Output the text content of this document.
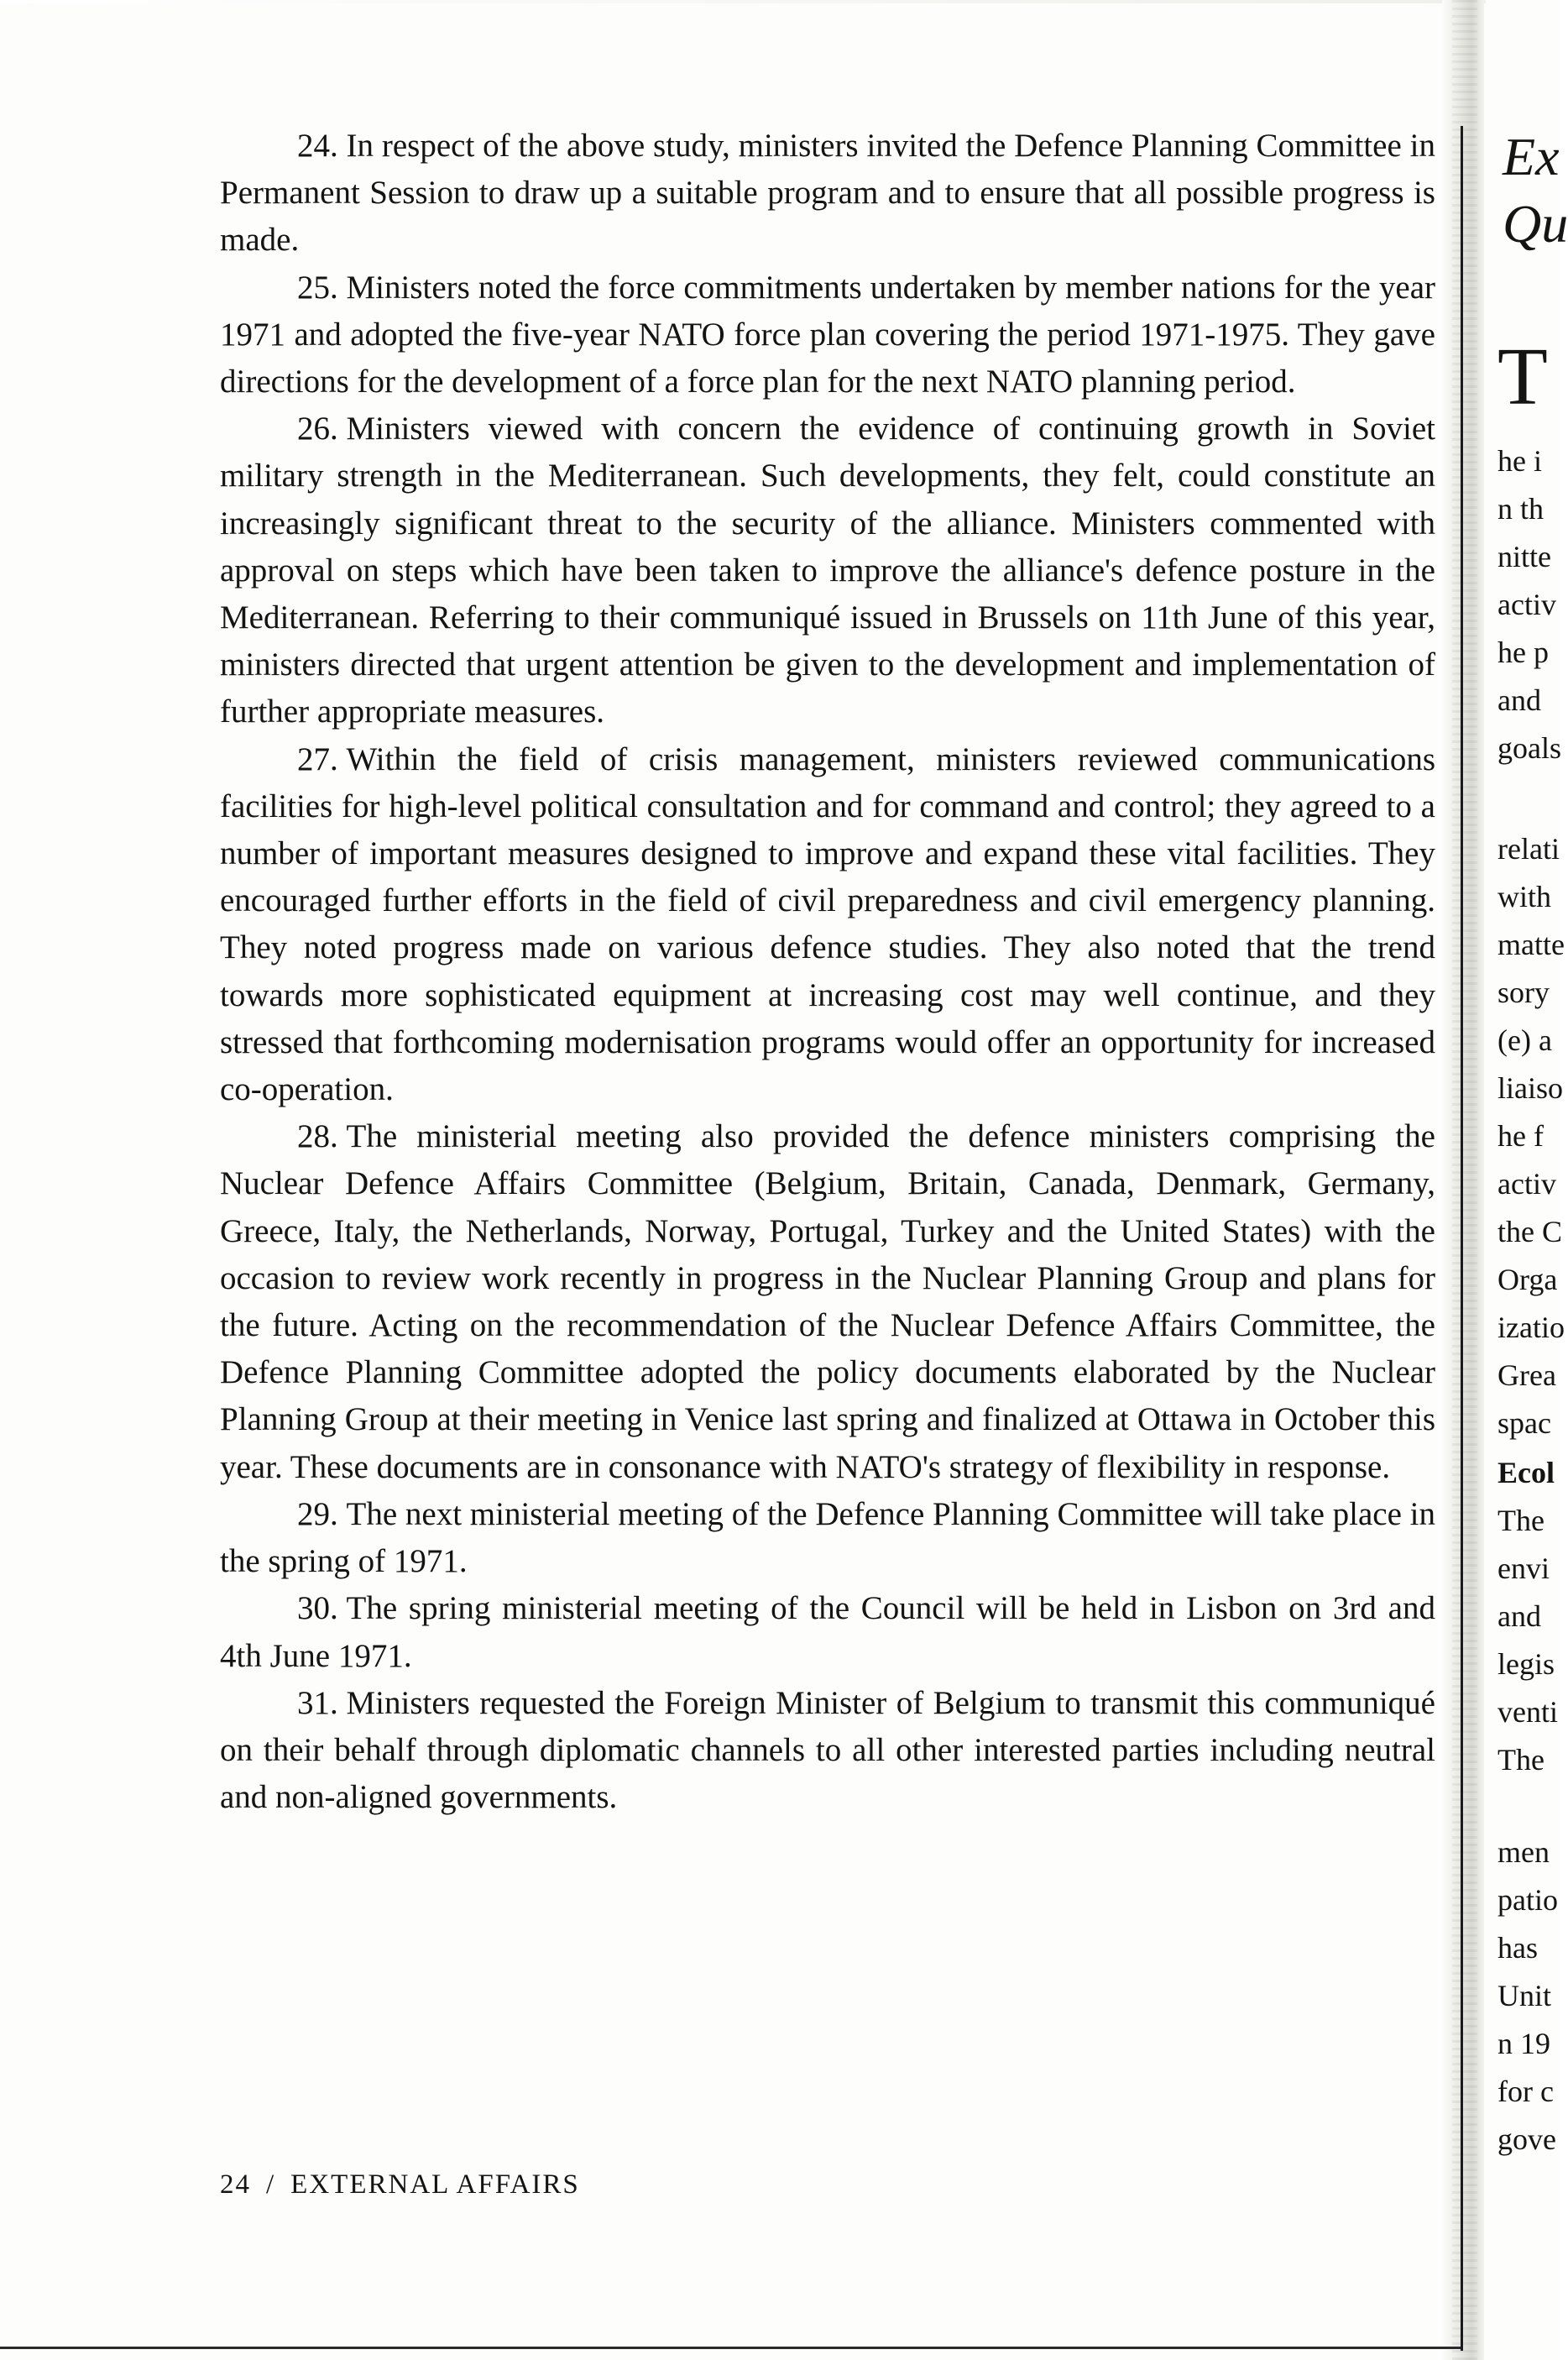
24. In respect of the above study, ministers invited the Defence Planning Committee in Permanent Session to draw up a suitable program and to ensure that all possible progress is made.

25. Ministers noted the force commitments undertaken by member nations for the year 1971 and adopted the five-year NATO force plan covering the period 1971-1975. They gave directions for the development of a force plan for the next NATO planning period.

26. Ministers viewed with concern the evidence of continuing growth in Soviet military strength in the Mediterranean. Such developments, they felt, could constitute an increasingly significant threat to the security of the alliance. Ministers commented with approval on steps which have been taken to improve the alliance's defence posture in the Mediterranean. Referring to their communiqué issued in Brussels on 11th June of this year, ministers directed that urgent attention be given to the development and implementation of further appropriate measures.

27. Within the field of crisis management, ministers reviewed communications facilities for high-level political consultation and for command and control; they agreed to a number of important measures designed to improve and expand these vital facilities. They encouraged further efforts in the field of civil preparedness and civil emergency planning. They noted progress made on various defence studies. They also noted that the trend towards more sophisticated equipment at increasing cost may well continue, and they stressed that forthcoming modernisation programs would offer an opportunity for increased co-operation.

28. The ministerial meeting also provided the defence ministers comprising the Nuclear Defence Affairs Committee (Belgium, Britain, Canada, Denmark, Germany, Greece, Italy, the Netherlands, Norway, Portugal, Turkey and the United States) with the occasion to review work recently in progress in the Nuclear Planning Group and plans for the future. Acting on the recommendation of the Nuclear Defence Affairs Committee, the Defence Planning Committee adopted the policy documents elaborated by the Nuclear Planning Group at their meeting in Venice last spring and finalized at Ottawa in October this year. These documents are in consonance with NATO's strategy of flexibility in response.

29. The next ministerial meeting of the Defence Planning Committee will take place in the spring of 1971.

30. The spring ministerial meeting of the Council will be held in Lisbon on 3rd and 4th June 1971.

31. Ministers requested the Foreign Minister of Belgium to transmit this communiqué on their behalf through diplomatic channels to all other interested parties including neutral and non-aligned governments.

24 / EXTERNAL AFFAIRS
Ex
Qu
T
he i
n th
nitte
activ
he p
and
goals
relati
with
matte
sory
(e) a
liaiso
he f
activ
the C
Orga
izatio
Grea
spac
Ecol
The
envi
and
legis
venti
The
men
patio
has
Unit
n 19
for c
gove
